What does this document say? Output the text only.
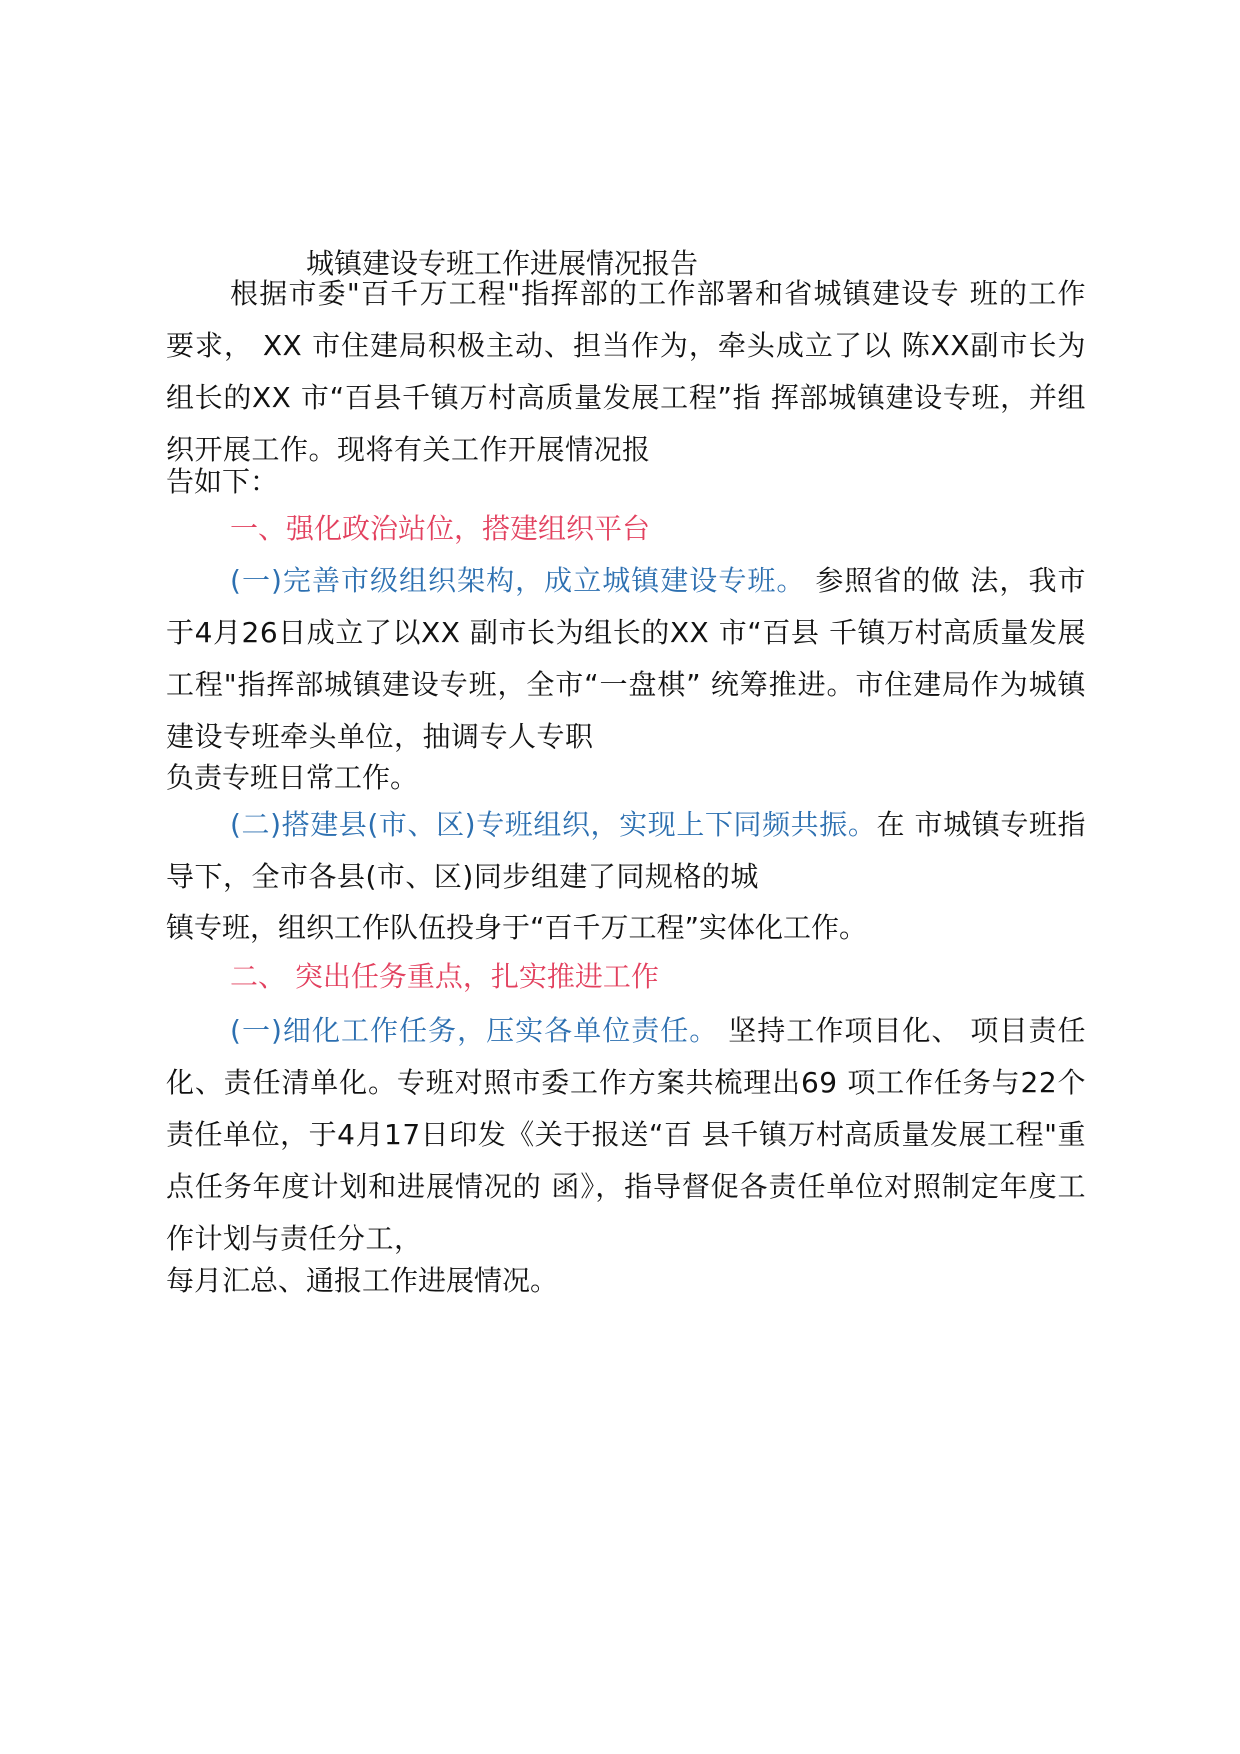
城镇建设专班工作进展情况报告

根据市委"百千万工程"指挥部的工作部署和省城镇建设专 班的工作要求， XX 市住建局积极主动、担当作为，牵头成立了以 陈XX副市长为组长的XX 市“百县千镇万村高质量发展工程”指 挥部城镇建设专班，并组织开展工作。现将有关工作开展情况报

告如下：
一、强化政治站位，搭建组织平台

(一)完善市级组织架构，成立城镇建设专班。 参照省的做 法，我市于4月26日成立了以XX 副市长为组长的XX 市“百县 千镇万村高质量发展工程"指挥部城镇建设专班，全市“一盘棋” 统筹推进。市住建局作为城镇建设专班牵头单位，抽调专人专职

负责专班日常工作。

(二)搭建县(市、区)专班组织，实现上下同频共振。在 市城镇专班指导下，全市各县(市、区)同步组建了同规格的城

镇专班，组织工作队伍投身于“百千万工程”实体化工作。
二、 突出任务重点，扎实推进工作

(一)细化工作任务，压实各单位责任。 坚持工作项目化、 项目责任化、责任清单化。专班对照市委工作方案共梳理出69 项工作任务与22个责任单位，于4月17日印发《关于报送“百 县千镇万村高质量发展工程"重点任务年度计划和进展情况的 函》，指导督促各责任单位对照制定年度工作计划与责任分工，

每月汇总、通报工作进展情况。
